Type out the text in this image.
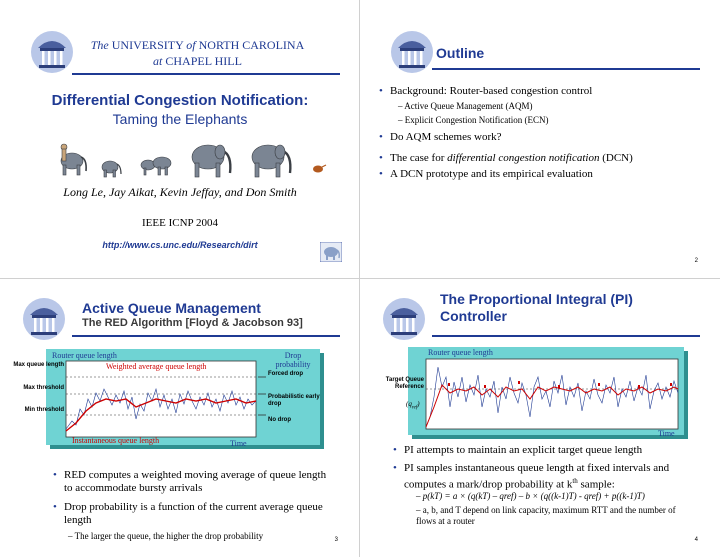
The UNIVERSITY of NORTH CAROLINA
at CHAPEL HILL
Differential Congestion Notification:
Taming the Elephants
Long Le, Jay Aikat, Kevin Jeffay, and Don Smith
IEEE ICNP 2004
http://www.cs.unc.edu/Research/dirt
Outline
• Background: Router-based congestion control
– Active Queue Management (AQM)
– Explicit Congestion Notification (ECN)
• Do AQM schemes work?
• The case for differential congestion notification (DCN)
• A DCN prototype and its empirical evaluation
2
Active Queue Management
The RED Algorithm [Floyd & Jacobson 93]
Router queue length	Drop probability
Max queue length	Weighted average queue length
Forced drop
Max threshold
Probabilistic early drop
Min threshold
No drop
Instantaneous queue length	Time
• RED computes a weighted moving average of queue length to accommodate bursty arrivals
• Drop probability is a function of the current average queue length
– The larger the queue, the higher the drop probability	3
The Proportional Integral (PI) Controller
Router queue length
Target Queue Reference
$(q_{ref})$
Time
• PI attempts to maintain an explicit target queue length
• PI samples instantaneous queue length at fixed intervals and computes a mark/drop probability at $k^{th}$ sample:
– p(kT) = a × (q(kT) – qref) – b × (q((k-1)T) - qref) + p((k-1)T)
– a, b, and T depend on link capacity, maximum RTT and the number of flows at a router
4
